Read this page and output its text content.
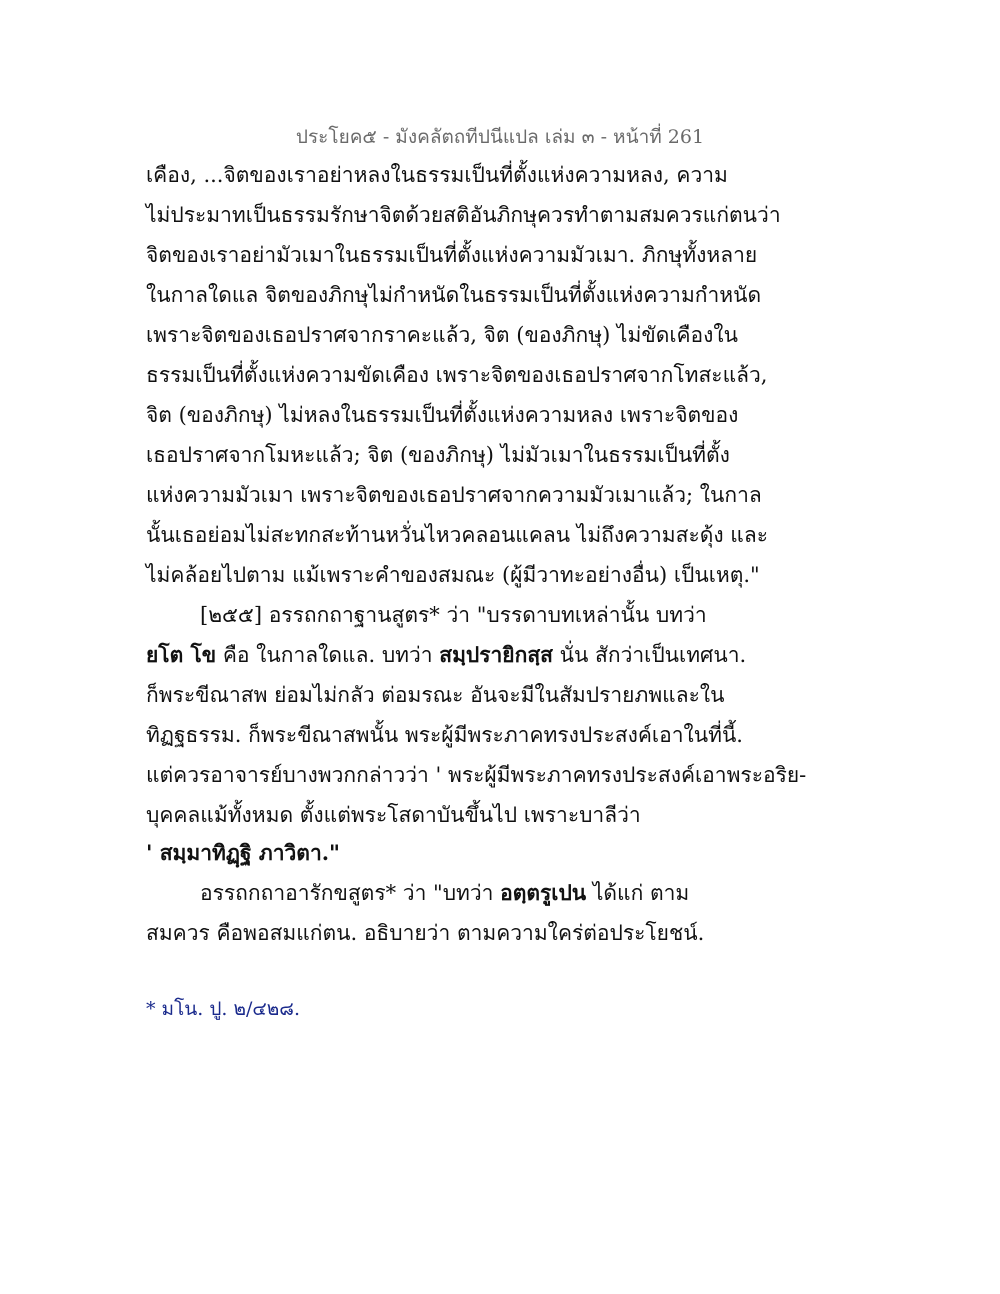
ประโยค๕ - มังคลัตถทีปนีแปล เล่ม ๓ - หน้าที่ 261
เคือง, ...จิตของเราอย่าหลงในธรรมเป็นที่ตั้งแห่งความหลง, ความ
ไม่ประมาทเป็นธรรมรักษาจิตด้วยสติอันภิกษุควรทำตามสมควรแก่ตนว่า
จิตของเราอย่ามัวเมาในธรรมเป็นที่ตั้งแห่งความมัวเมา. ภิกษุทั้งหลาย
ในกาลใดแล จิตของภิกษุไม่กำหนัดในธรรมเป็นที่ตั้งแห่งความกำหนัด
เพราะจิตของเธอปราศจากราคะแล้ว, จิต (ของภิกษุ) ไม่ขัดเคืองใน
ธรรมเป็นที่ตั้งแห่งความขัดเคือง เพราะจิตของเธอปราศจากโทสะแล้ว,
จิต (ของภิกษุ) ไม่หลงในธรรมเป็นที่ตั้งแห่งความหลง เพราะจิตของ
เธอปราศจากโมหะแล้ว; จิต (ของภิกษุ) ไม่มัวเมาในธรรมเป็นที่ตั้ง
แห่งความมัวเมา เพราะจิตของเธอปราศจากความมัวเมาแล้ว; ในกาล
นั้นเธอย่อมไม่สะทกสะท้านหวั่นไหวคลอนแคลน ไม่ถึงความสะดุ้ง และ
ไม่คล้อยไปตาม แม้เพราะคำของสมณะ (ผู้มีวาทะอย่างอื่น) เป็นเหตุ."
[๒๕๕] อรรถกถาฐานสูตร* ว่า "บรรดาบทเหล่านั้น บทว่า
ยโต โข คือ ในกาลใดแล. บทว่า สมฺปรายิกสฺส นั่น สักว่าเป็นเทศนา.
ก็พระขีณาสพ ย่อมไม่กลัว ต่อมรณะ อันจะมีในสัมปรายภพและใน
ทิฏฐธรรม. ก็พระขีณาสพนั้น พระผู้มีพระภาคทรงประสงค์เอาในที่นี้.
แต่ควรอาจารย์บางพวกกล่าวว่า ' พระผู้มีพระภาคทรงประสงค์เอาพระอริย-
บุคคลแม้ทั้งหมด ตั้งแต่พระโสดาบันขึ้นไป เพราะบาลีว่า
' สมฺมาทิฏฺฐิ ภาวิตา."
อรรถกถาอารักขสูตร* ว่า "บทว่า อตฺตรูเปน ได้แก่ ตาม
สมควร คือพอสมแก่ตน. อธิบายว่า ตามความใคร่ต่อประโยชน์.
* มโน. ปู. ๒/๔๒๘.
